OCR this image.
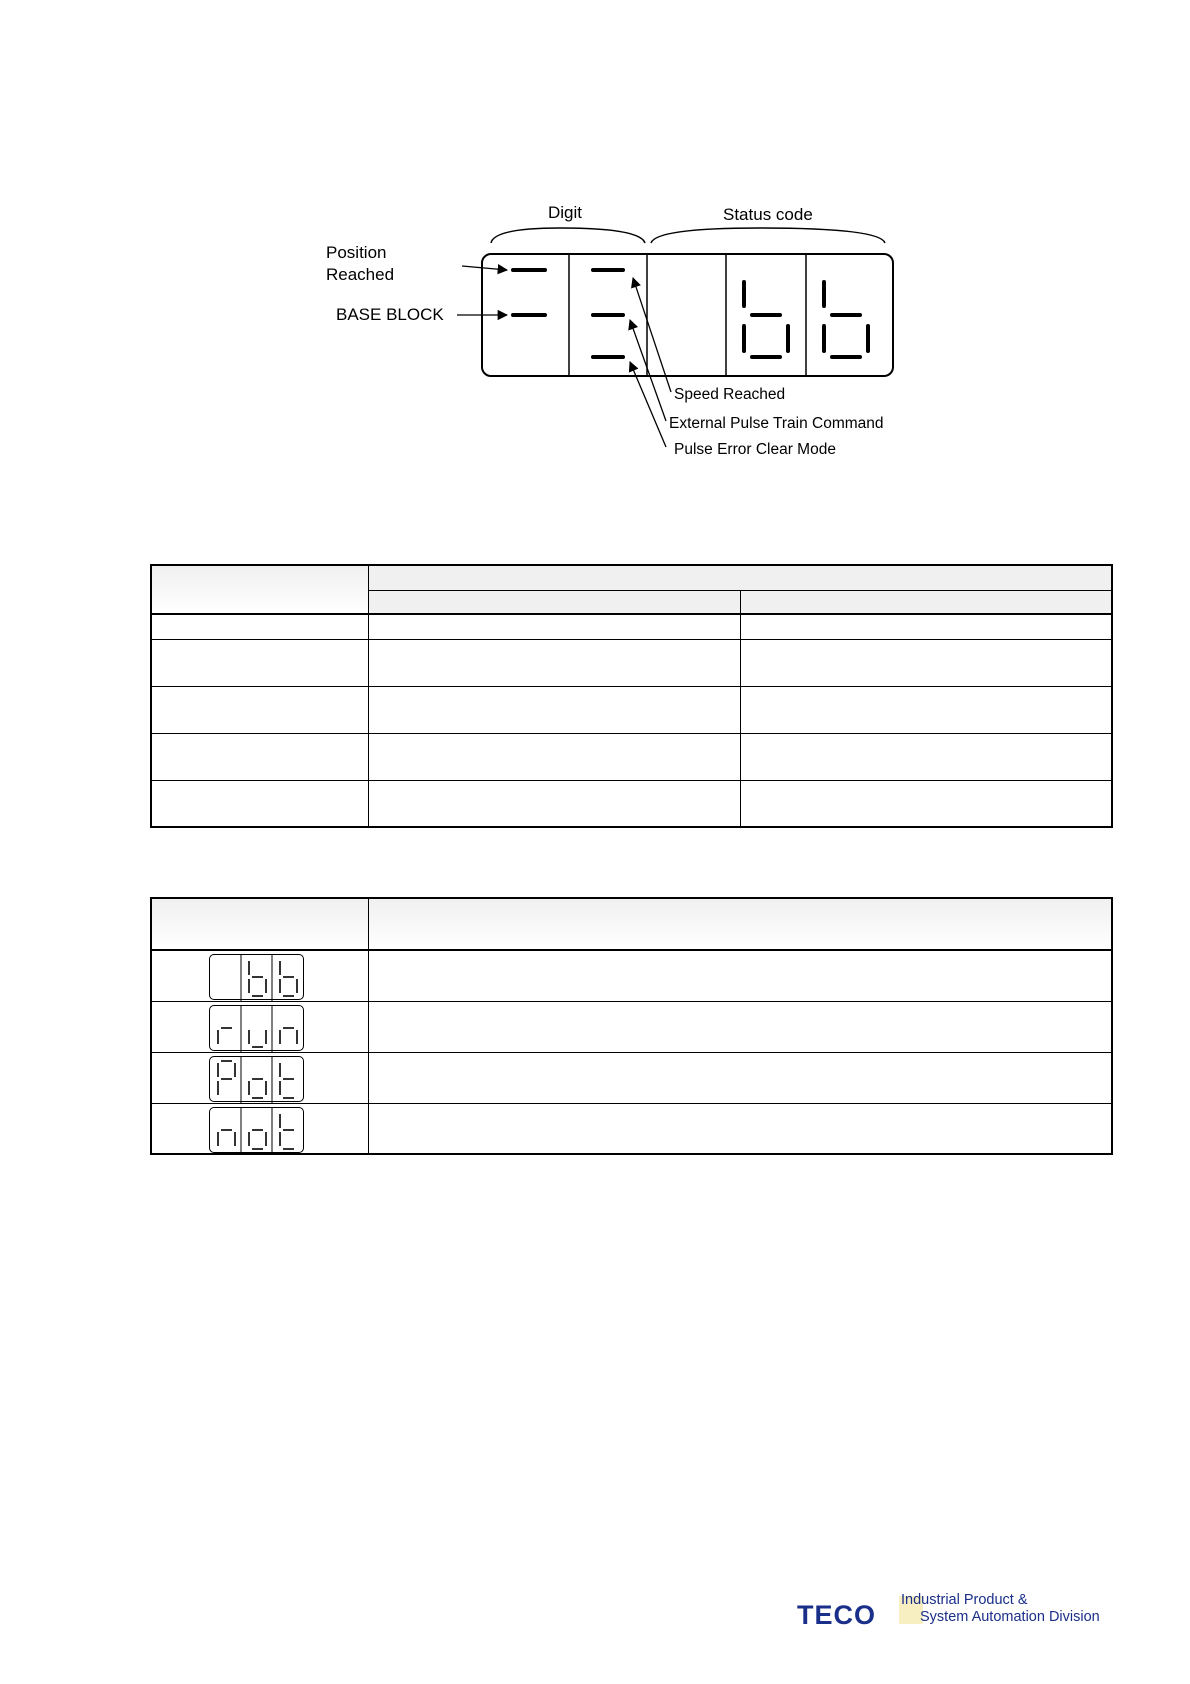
Digit	Status code
Position
Reached
BASE BLOCK
Speed Reached
External Pulse Train Command
Pulse Error Clear Mode

TECO Industrial Product &
System Automation Division
